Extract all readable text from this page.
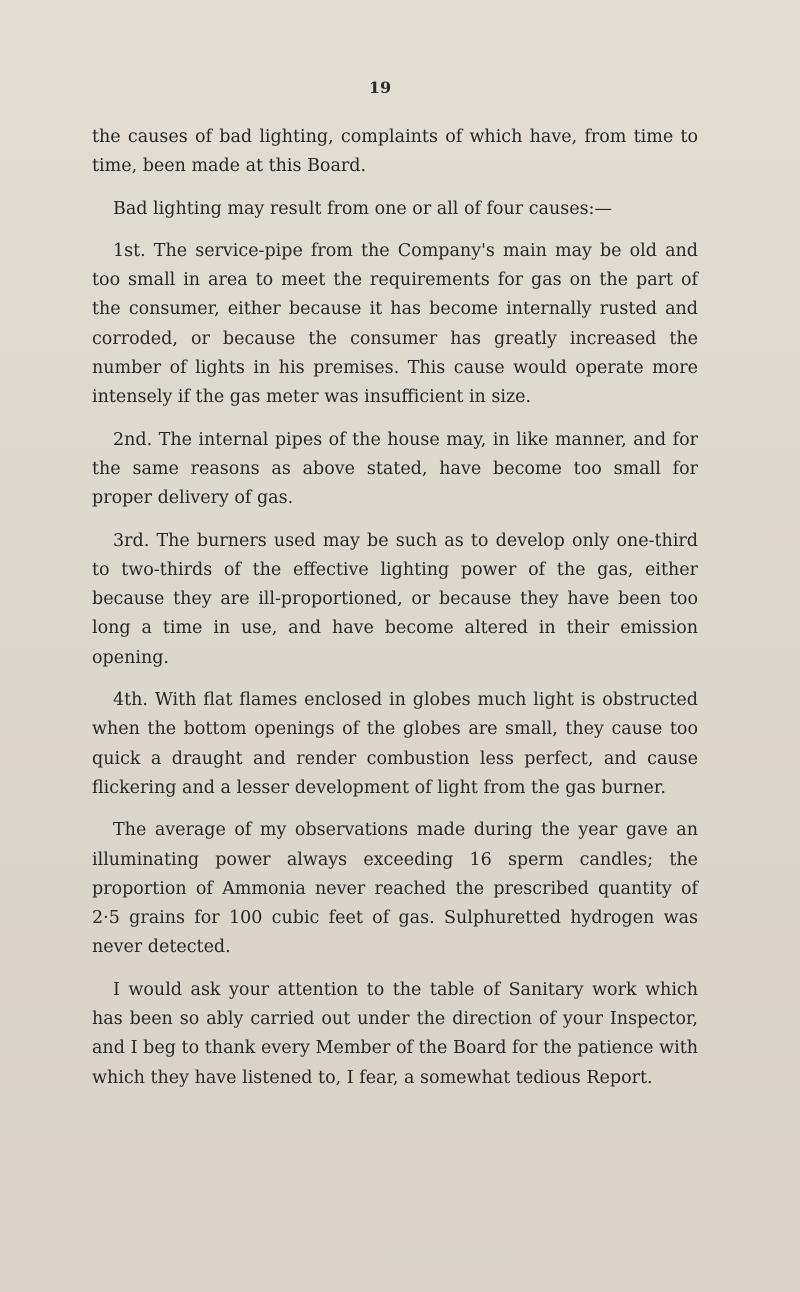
19

the causes of bad lighting, complaints of which have, from time to time, been made at this Board.

Bad lighting may result from one or all of four causes:—

1st. The service-pipe from the Company's main may be old and too small in area to meet the requirements for gas on the part of the consumer, either because it has become internally rusted and corroded, or because the consumer has greatly increased the number of lights in his premises. This cause would operate more intensely if the gas meter was insufficient in size.

2nd. The internal pipes of the house may, in like manner, and for the same reasons as above stated, have become too small for proper delivery of gas.

3rd. The burners used may be such as to develop only one-third to two-thirds of the effective lighting power of the gas, either because they are ill-proportioned, or because they have been too long a time in use, and have become altered in their emission opening.

4th. With flat flames enclosed in globes much light is obstructed when the bottom openings of the globes are small, they cause too quick a draught and render combustion less perfect, and cause flickering and a lesser development of light from the gas burner.

The average of my observations made during the year gave an illuminating power always exceeding 16 sperm candles; the proportion of Ammonia never reached the prescribed quantity of 2·5 grains for 100 cubic feet of gas. Sulphuretted hydrogen was never detected.

I would ask your attention to the table of Sanitary work which has been so ably carried out under the direction of your Inspector, and I beg to thank every Member of the Board for the patience with which they have listened to, I fear, a somewhat tedious Report.
